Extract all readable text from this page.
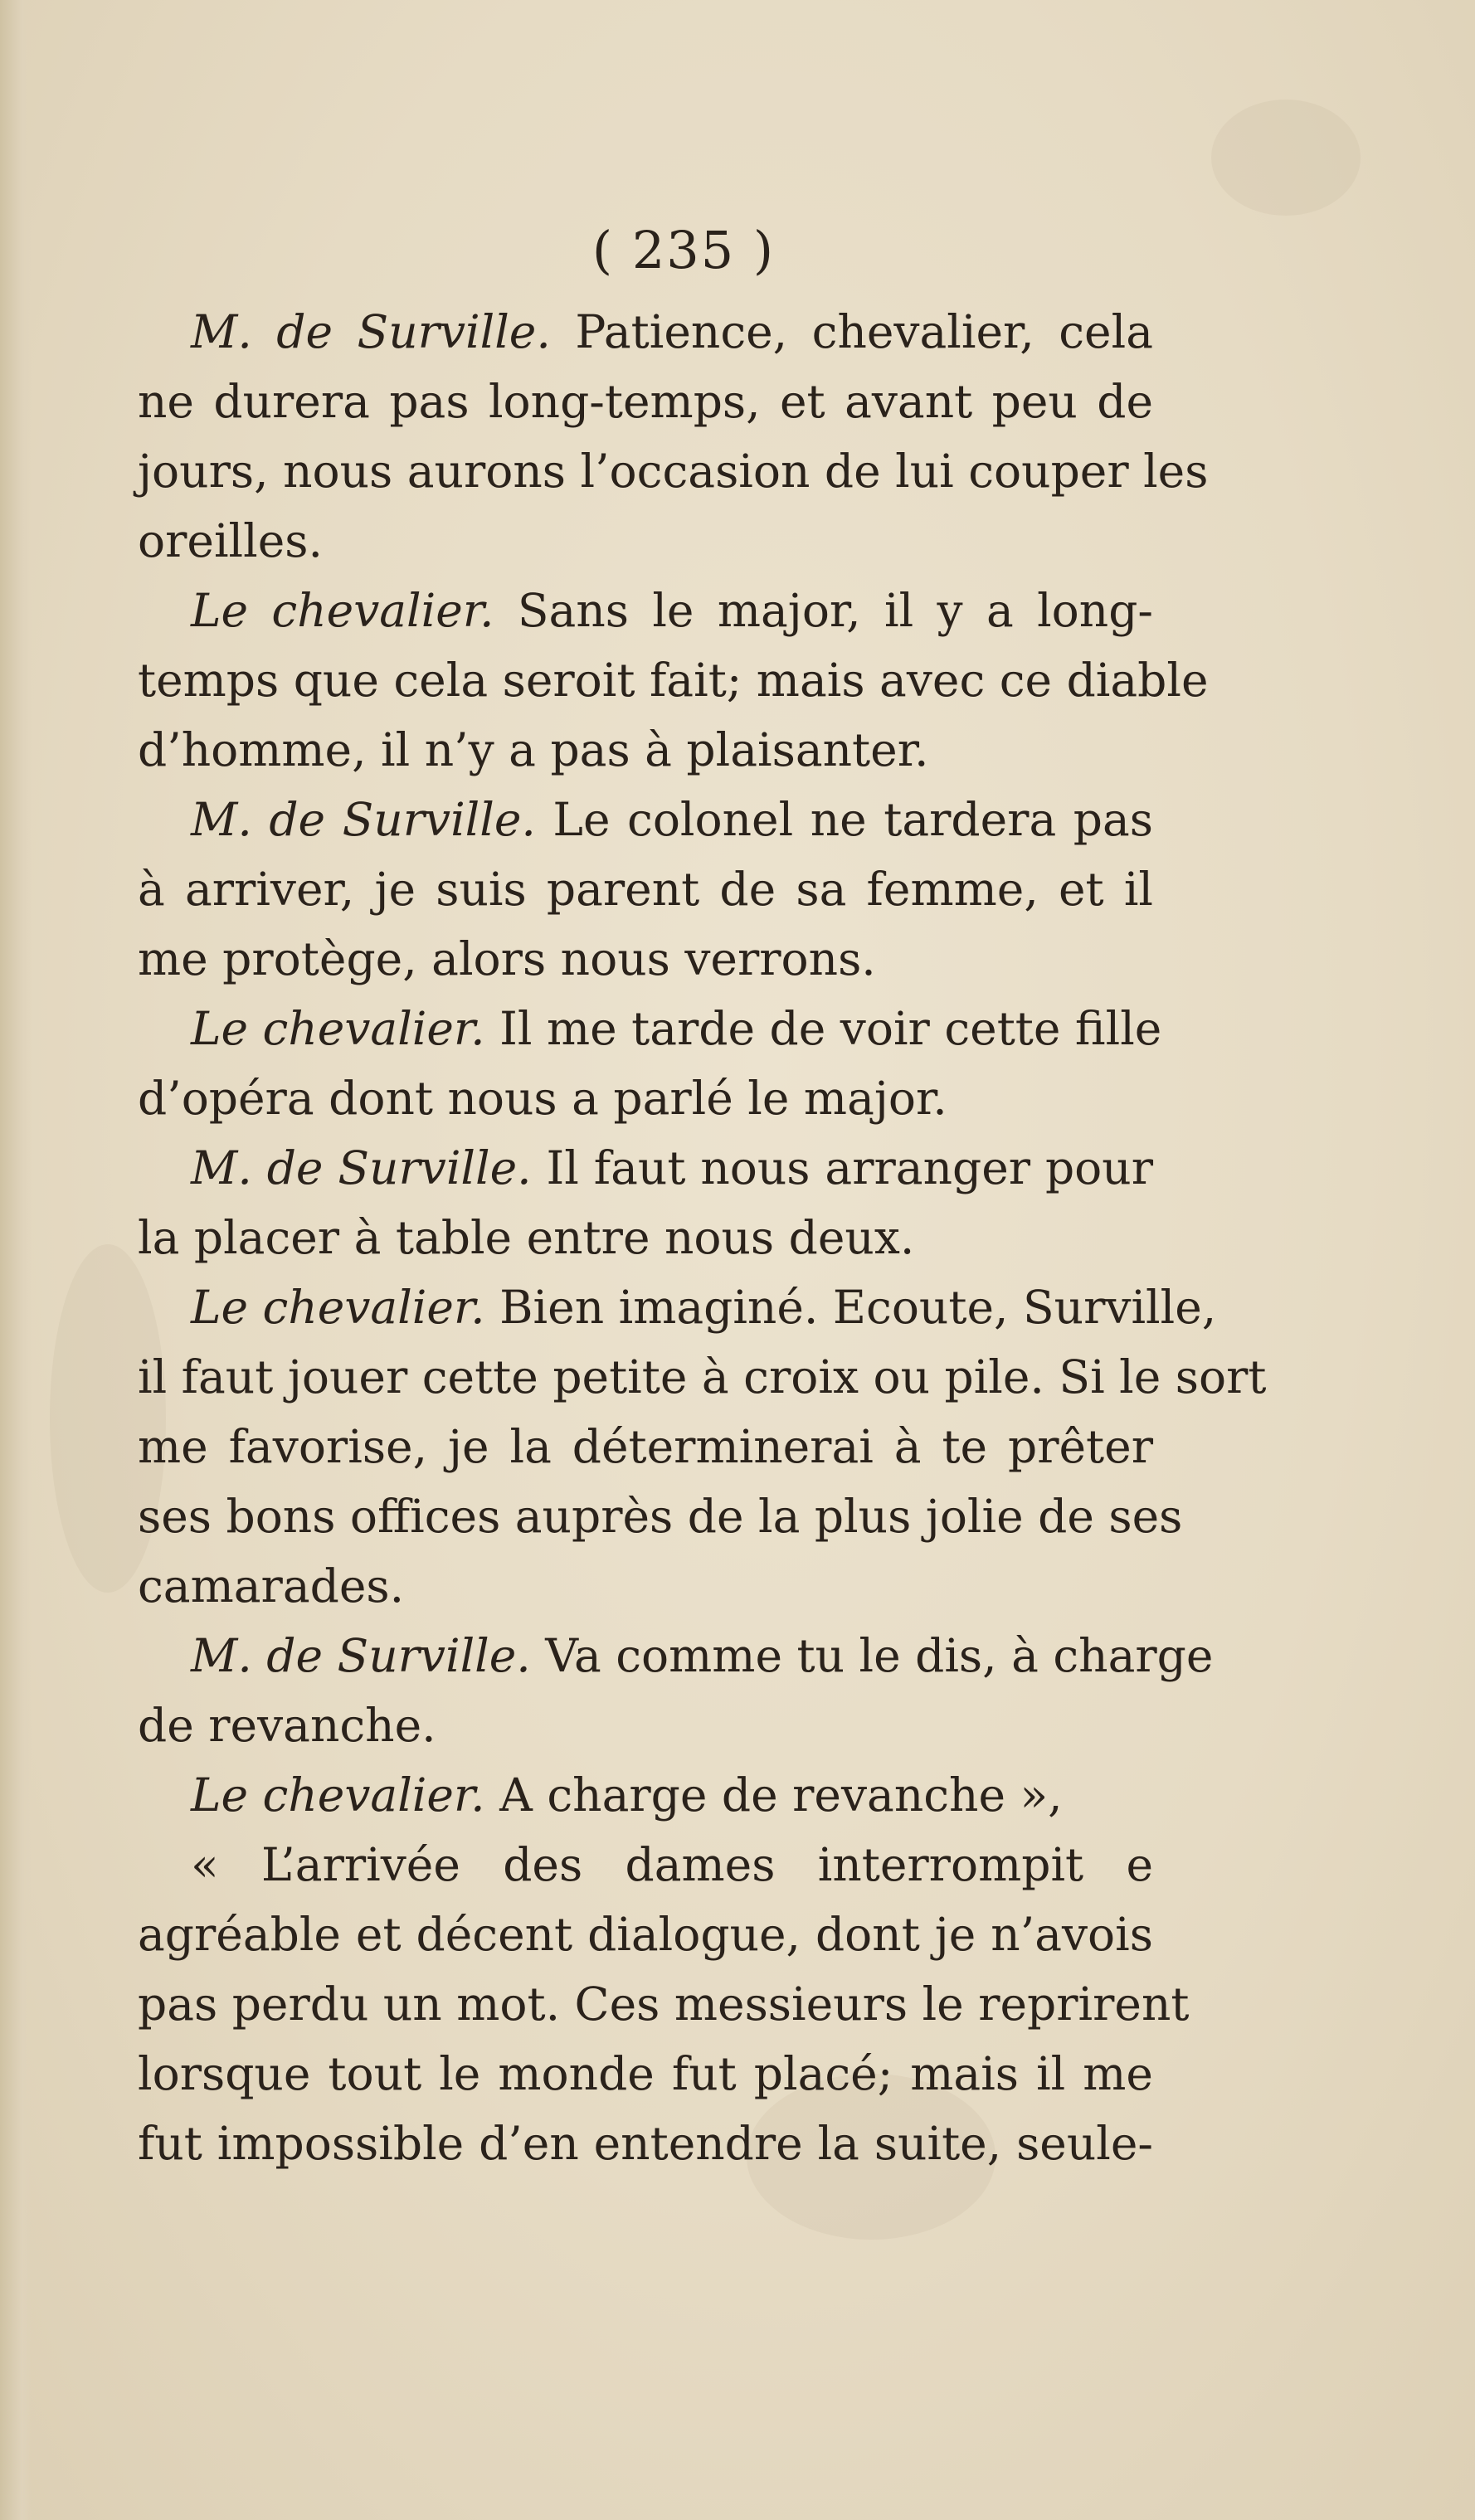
( 235 )
M. de Surville. Patience, chevalier, cela
ne durera pas long-temps, et avant peu de
jours, nous aurons l’occasion de lui couper les
oreilles.
Le chevalier. Sans le major, il y a long-
temps que cela seroit fait; mais avec ce diable
d’homme, il n’y a pas à plaisanter.
M. de Surville. Le colonel ne tardera pas
à arriver, je suis parent de sa femme, et il
me protège, alors nous verrons.
Le chevalier. Il me tarde de voir cette fille
d’opéra dont nous a parlé le major.
M. de Surville. Il faut nous arranger pour
la placer à table entre nous deux.
Le chevalier. Bien imaginé. Ecoute, Surville,
il faut jouer cette petite à croix ou pile. Si le sort
me favorise, je la déterminerai à te prêter
ses bons offices auprès de la plus jolie de ses
camarades.
M. de Surville. Va comme tu le dis, à charge
de revanche.
Le chevalier. A charge de revanche »,
« L’arrivée des dames interrompit e
agréable et décent dialogue, dont je n’avois
pas perdu un mot. Ces messieurs le reprirent
lorsque tout le monde fut placé; mais il me
fut impossible d’en entendre la suite, seule-
